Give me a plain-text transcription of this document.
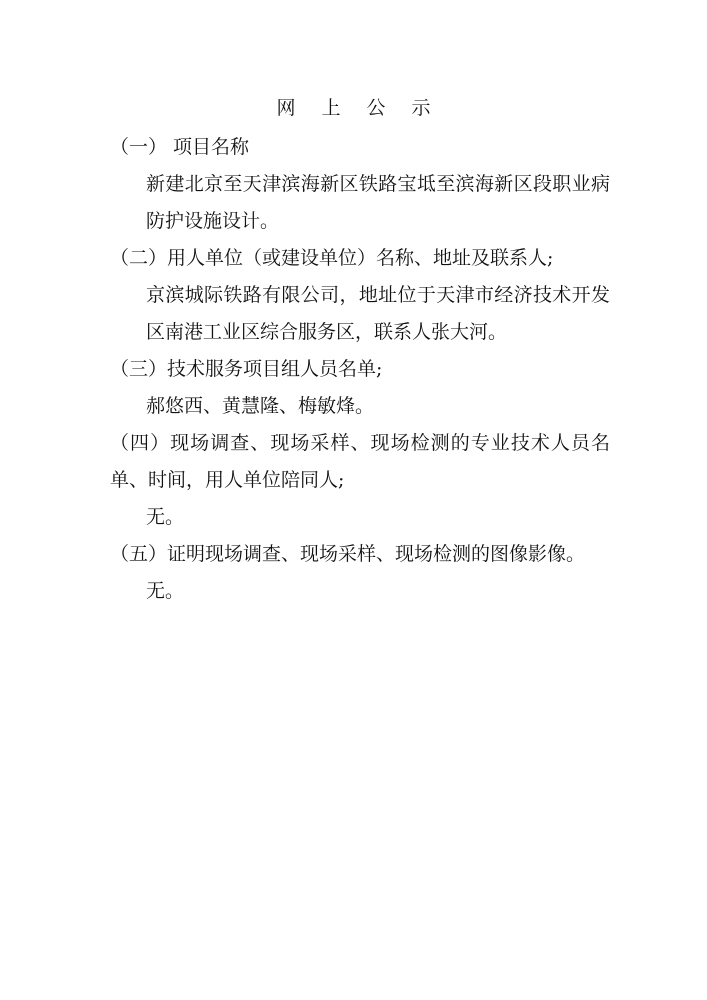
网 上 公 示
（一） 项目名称
新建北京至天津滨海新区铁路宝坻至滨海新区段职业病防护设施设计。
（二）用人单位（或建设单位）名称、地址及联系人;
京滨城际铁路有限公司，地址位于天津市经济技术开发区南港工业区综合服务区，联系人张大河。
（三）技术服务项目组人员名单;
郝悠西、黄慧隆、梅敏烽。
（四）现场调查、现场采样、现场检测的专业技术人员名单、时间，用人单位陪同人;
无。
（五）证明现场调查、现场采样、现场检测的图像影像。
无。
